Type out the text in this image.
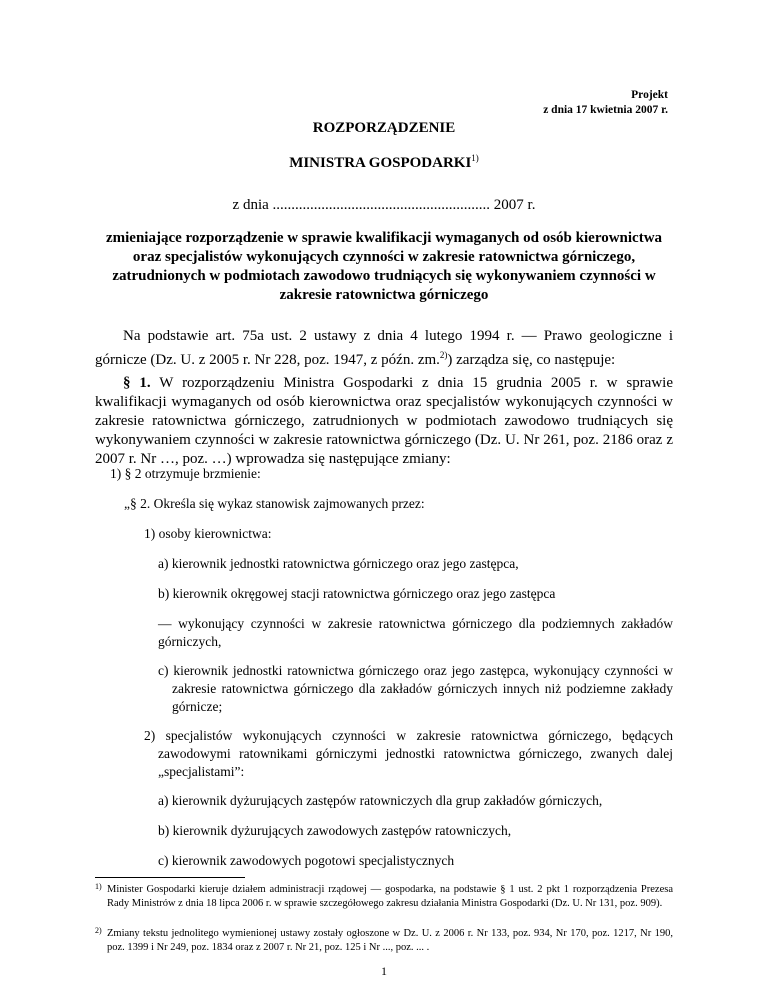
Projekt
z dnia 17 kwietnia 2007 r.
ROZPORZĄDZENIE
MINISTRA GOSPODARKI$^{1)}$
z dnia .......................................................... 2007 r.
zmieniające rozporządzenie w sprawie kwalifikacji wymaganych od osób kierownictwa oraz specjalistów wykonujących czynności w zakresie ratownictwa górniczego, zatrudnionych w podmiotach zawodowo trudniących się wykonywaniem czynności w zakresie ratownictwa górniczego
Na podstawie art. 75a ust. 2 ustawy z dnia 4 lutego 1994 r. — Prawo geologiczne i górnicze (Dz. U. z 2005 r. Nr 228, poz. 1947, z późn. zm.$^{2)}$) zarządza się, co następuje:
§ 1. W rozporządzeniu Ministra Gospodarki z dnia 15 grudnia 2005 r. w sprawie kwalifikacji wymaganych od osób kierownictwa oraz specjalistów wykonujących czynności w zakresie ratownictwa górniczego, zatrudnionych w podmiotach zawodowo trudniących się wykonywaniem czynności w zakresie ratownictwa górniczego (Dz. U. Nr 261, poz. 2186 oraz z 2007 r. Nr …, poz. …) wprowadza się następujące zmiany:
1) § 2 otrzymuje brzmienie:
„§ 2. Określa się wykaz stanowisk zajmowanych przez:
1) osoby kierownictwa:
a) kierownik jednostki ratownictwa górniczego oraz jego zastępca,
b) kierownik okręgowej stacji ratownictwa górniczego oraz jego zastępca
— wykonujący czynności w zakresie ratownictwa górniczego dla podziemnych zakładów górniczych,
c) kierownik jednostki ratownictwa górniczego oraz jego zastępca, wykonujący czynności w zakresie ratownictwa górniczego dla zakładów górniczych innych niż podziemne zakłady górnicze;
2) specjalistów wykonujących czynności w zakresie ratownictwa górniczego, będących zawodowymi ratownikami górniczymi jednostki ratownictwa górniczego, zwanych dalej „specjalistami”:
a) kierownik dyżurujących zastępów ratowniczych dla grup zakładów górniczych,
b) kierownik dyżurujących zawodowych zastępów ratowniczych,
c) kierownik zawodowych pogotowi specjalistycznych
1) Minister Gospodarki kieruje działem administracji rządowej — gospodarka, na podstawie § 1 ust. 2 pkt 1 rozporządzenia Prezesa Rady Ministrów z dnia 18 lipca 2006 r. w sprawie szczegółowego zakresu działania Ministra Gospodarki (Dz. U. Nr 131, poz. 909).
2) Zmiany tekstu jednolitego wymienionej ustawy zostały ogłoszone w Dz. U. z 2006 r. Nr 133, poz. 934, Nr 170, poz. 1217, Nr 190, poz. 1399 i Nr 249, poz. 1834 oraz z 2007 r. Nr 21, poz. 125 i Nr ..., poz. ... .
1
